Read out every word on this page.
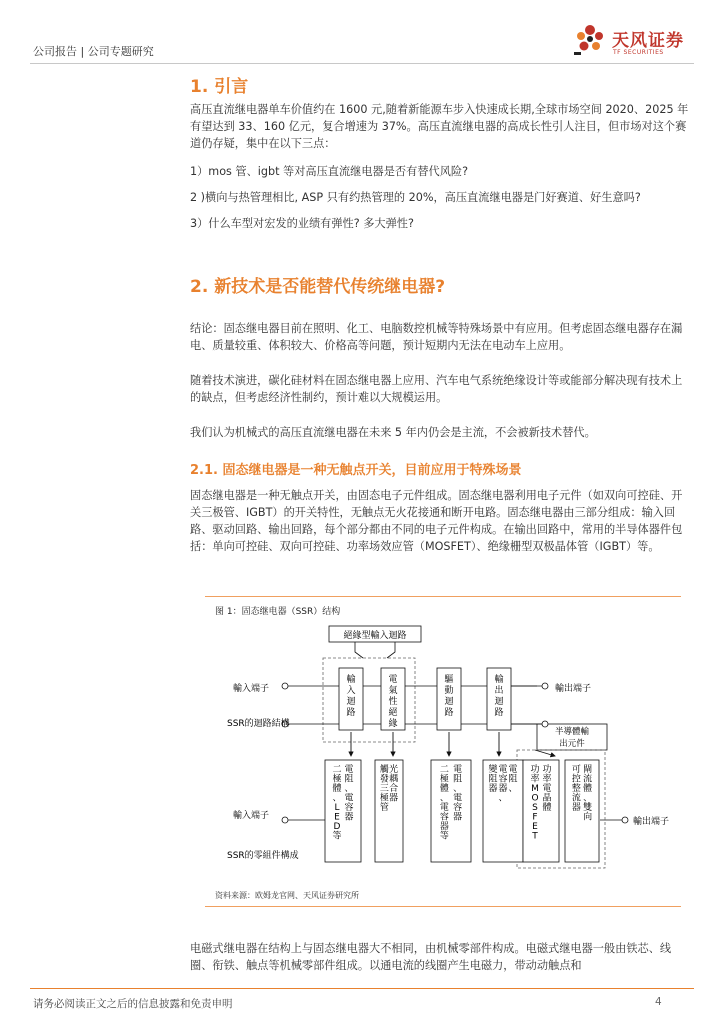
公司报告 | 公司专题研究
天风证券
TF SECURITIES
1. 引言

高压直流继电器单车价值约在 1600 元,随着新能源车步入快速成长期,全球市场空间 2020、2025 年有望达到 33、160 亿元，复合增速为 37%。高压直流继电器的高成长性引人注目，但市场对这个赛道仍存疑，集中在以下三点：

1）mos 管、igbt 等对高压直流继电器是否有替代风险?

2 )横向与热管理相比, ASP 只有约热管理的 20%，高压直流继电器是门好赛道、好生意吗?

3）什么车型对宏发的业绩有弹性? 多大弹性?

2. 新技术是否能替代传统继电器?

结论：固态继电器目前在照明、化工、电脑数控机械等特殊场景中有应用。但考虑固态继电器存在漏电、质量较重、体积较大、价格高等问题，预计短期内无法在电动车上应用。

随着技术演进，碳化硅材料在固态继电器上应用、汽车电气系统绝缘设计等或能部分解决现有技术上的缺点，但考虑经济性制约，预计难以大规模运用。

我们认为机械式的高压直流继电器在未来 5 年内仍会是主流，不会被新技术替代。

2.1. 固态继电器是一种无触点开关，目前应用于特殊场景

固态继电器是一种无触点开关，由固态电子元件组成。固态继电器利用电子元件（如双向可控硅、开关三极管、IGBT）的开关特性，无触点无火花接通和断开电路。固态继电器由三部分组成：输入回路、驱动回路、输出回路，每个部分都由不同的电子元件构成。在输出回路中，常用的半导体器件包括：单向可控硅、双向可控硅、功率场效应管（MOSFET）、绝缘栅型双极晶体管（IGBT）等。

图 1：固态继电器（SSR）结构
絕緣型輸入迴路
半導體輸
出元件
輸入端子	輸出端子
SSR的迴路結構
輸入迴路
電氣性絕緣
驅動迴路
輸出迴路
輸入端子
輸出端子
SSR的零組件構成
電阻、電容器
二極體、 L E D 等
光耦合器
觸發三極管
電阻、電容器
二極體、電容器等
電阻、
電容器、
變阻器
功率電晶體
功率 M O S F E T
閘流體、雙向
可控整流器
资料来源：欧姆龙官网、天风证券研究所

电磁式继电器在结构上与固态继电器大不相同，由机械零部件构成。电磁式继电器一般由铁芯、线圈、衔铁、触点等机械零部件组成。以通电流的线圈产生电磁力，带动动触点和

请务必阅读正文之后的信息披露和免责申明	4
